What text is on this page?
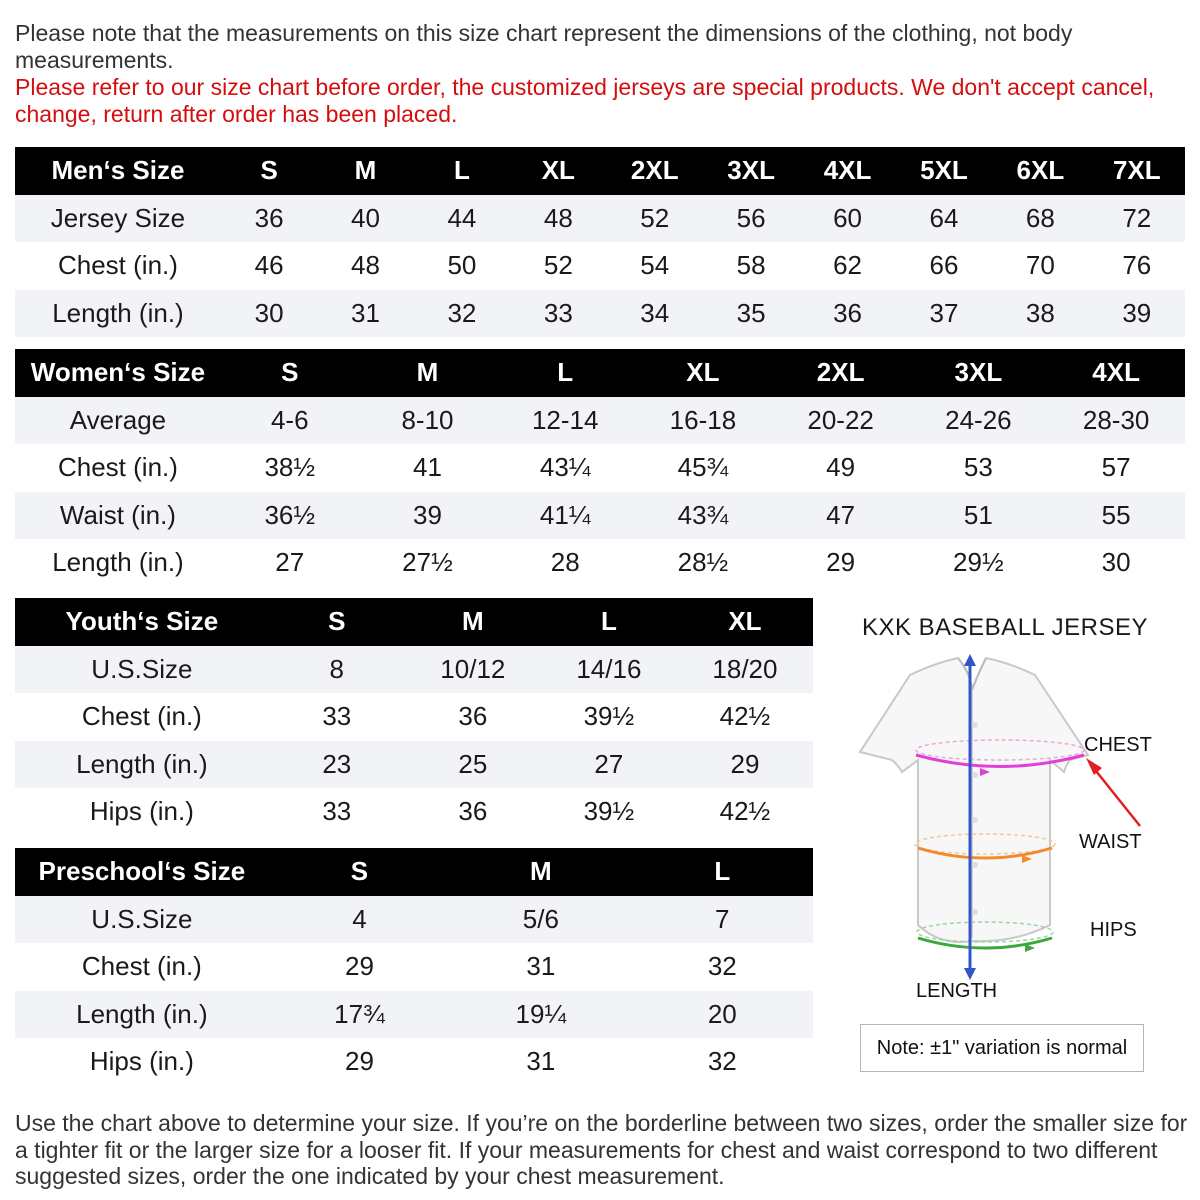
Please note that the measurements on this size chart represent the dimensions of the clothing, not body measurements.
Please refer to our size chart before order, the customized jerseys are special products. We don't accept cancel, change, return after order has been placed.
Men‘s Size	S	M	L	XL	2XL	3XL	4XL	5XL	6XL	7XL
Jersey Size	36	40	44	48	52	56	60	64	68	72
Chest (in.)	46	48	50	52	54	58	62	66	70	76
Length (in.)	30	31	32	33	34	35	36	37	38	39
Women‘s Size	S	M	L	XL	2XL	3XL	4XL
Average	4-6	8-10	12-14	16-18	20-22	24-26	28-30
Chest (in.)	38½	41	43¼	45¾	49	53	57
Waist (in.)	36½	39	41¼	43¾	47	51	55
Length (in.)	27	27½	28	28½	29	29½	30
Youth‘s Size	S	M	L	XL
U.S.Size	8	10/12	14/16	18/20
Chest (in.)	33	36	39½	42½
Length (in.)	23	25	27	29
Hips (in.)	33	36	39½	42½
Preschool‘s Size	S	M	L
U.S.Size	4	5/6	7
Chest (in.)	29	31	32
Length (in.)	17¾	19¼	20
Hips (in.)	29	31	32
KXK BASEBALL JERSEY
CHEST
WAIST
HIPS
LENGTH
Note: ±1" variation is normal
Use the chart above to determine your size. If you’re on the borderline between two sizes, order the smaller size for a tighter fit or the larger size for a looser fit. If your measurements for chest and waist correspond to two different suggested sizes, order the one indicated by your chest measurement.
